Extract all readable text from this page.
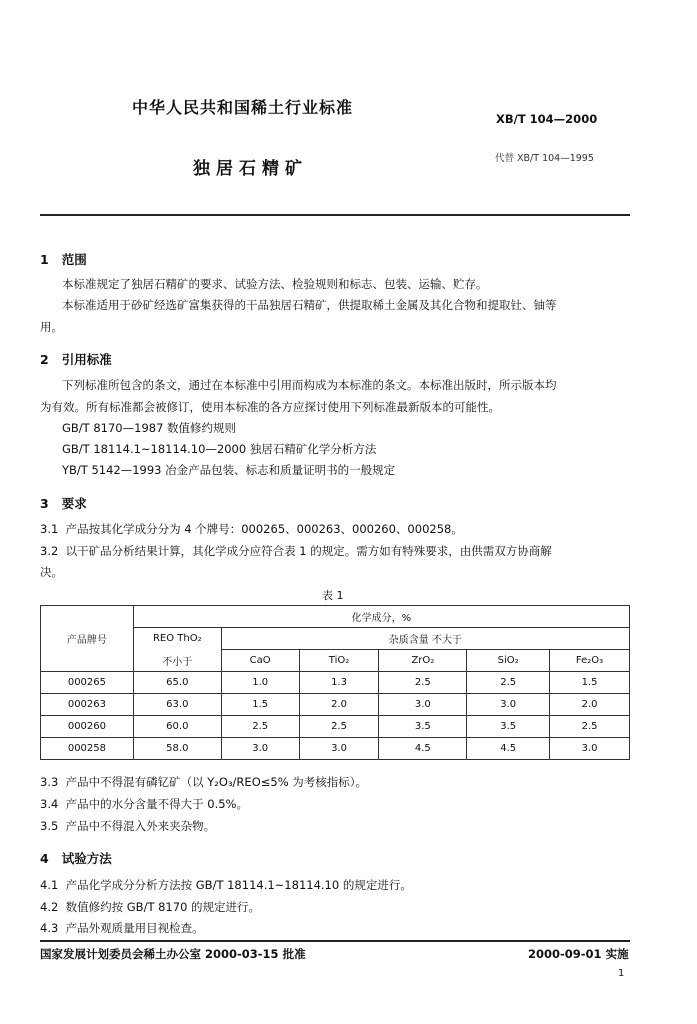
中华人民共和国稀土行业标准
XB/T 104—2000
独居石精矿
代替 XB/T 104—1995
1 范围
本标准规定了独居石精矿的要求、试验方法、检验规则和标志、包装、运输、贮存。
本标准适用于砂矿经选矿富集获得的干品独居石精矿，供提取稀土金属及其化合物和提取钍、铀等
用。
2 引用标准
下列标准所包含的条文，通过在本标准中引用而构成为本标准的条文。本标准出版时，所示版本均
为有效。所有标准都会被修订，使用本标准的各方应探讨使用下列标准最新版本的可能性。
GB/T 8170—1987 数值修约规则
GB/T 18114.1~18114.10—2000 独居石精矿化学分析方法
YB/T 5142—1993 冶金产品包装、标志和质量证明书的一般规定
3 要求
3.1 产品按其化学成分分为 4 个牌号：000265、000263、000260、000258。
3.2 以干矿品分析结果计算，其化学成分应符合表 1 的规定。需方如有特殊要求，由供需双方协商解
决。
表 1
产品牌号	化学成分，%					
	REO ThO₂	杂质含量 不大于				
	不小于	CaO	TiO₂	ZrO₂	SiO₂	Fe₂O₃
000265	65.0	1.0	1.3	2.5	2.5	1.5
000263	63.0	1.5	2.0	3.0	3.0	2.0
000260	60.0	2.5	2.5	3.5	3.5	2.5
000258	58.0	3.0	3.0	4.5	4.5	3.0
3.3 产品中不得混有磷钇矿（以 Y₂O₃/REO≤5% 为考核指标）。
3.4 产品中的水分含量不得大于 0.5%。
3.5 产品中不得混入外来夹杂物。
4 试验方法
4.1 产品化学成分分析方法按 GB/T 18114.1~18114.10 的规定进行。
4.2 数值修约按 GB/T 8170 的规定进行。
4.3 产品外观质量用目视检查。
国家发展计划委员会稀土办公室 2000-03-15 批准	2000-09-01 实施
1
